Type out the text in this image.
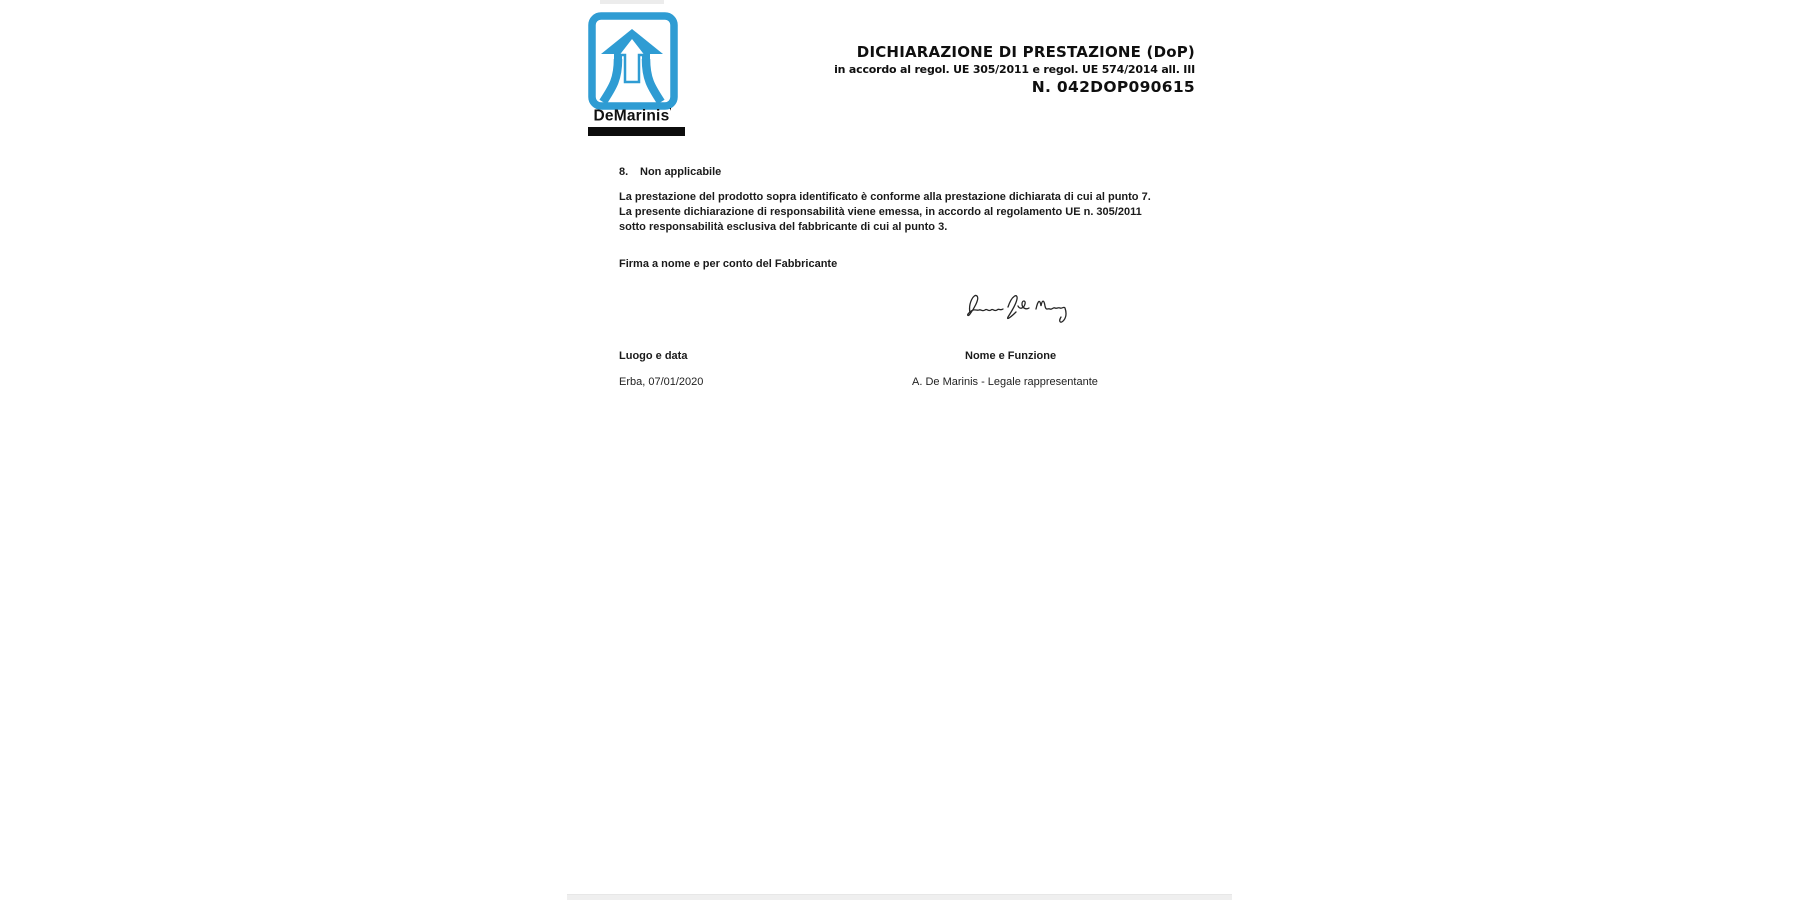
DeMarinis’
DICHIARAZIONE DI PRESTAZIONE (DoP)
in accordo al regol. UE 305/2011 e regol. UE 574/2014 all. III
N. 042DOP090615
8.	Non applicabile
La prestazione del prodotto sopra identificato è conforme alla prestazione dichiarata di cui al punto 7.
La presente dichiarazione di responsabilità viene emessa, in accordo al regolamento UE n. 305/2011
sotto responsabilità esclusiva del fabbricante di cui al punto 3.
Firma a nome e per conto del Fabbricante
Luogo e data	Nome e Funzione
Erba, 07/01/2020	A. De Marinis - Legale rappresentante
